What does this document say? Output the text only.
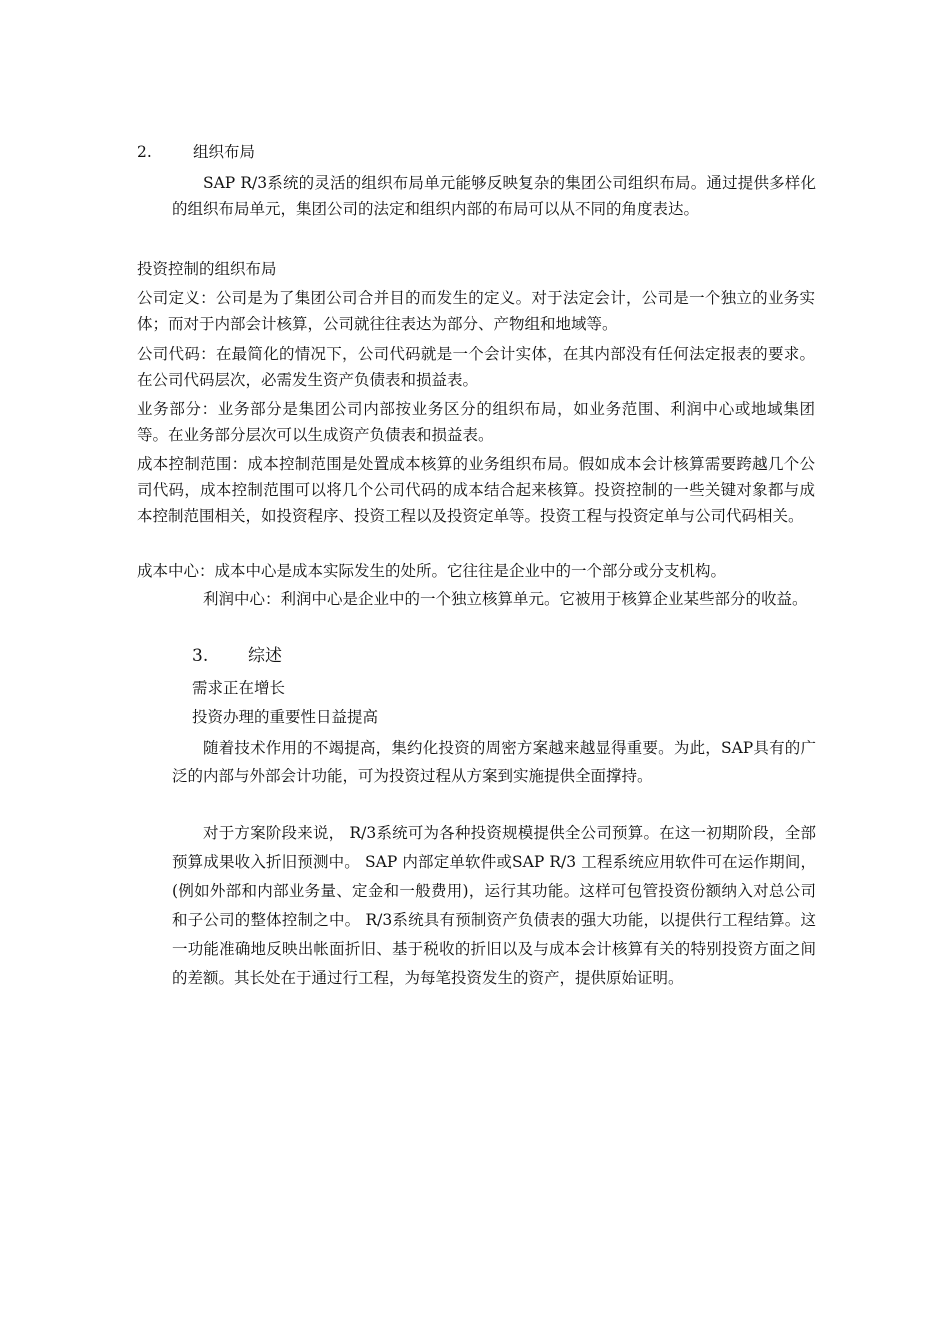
2.	组织布局

SAP R/3系统的灵活的组织布局单元能够反映复杂的集团公司组织布局。通过提供多样化的组织布局单元，集团公司的法定和组织内部的布局可以从不同的角度表达。

投资控制的组织布局

公司定义：公司是为了集团公司合并目的而发生的定义。对于法定会计，公司是一个独立的业务实体；而对于内部会计核算，公司就往往表达为部分、产物组和地域等。

公司代码：在最简化的情况下，公司代码就是一个会计实体，在其内部没有任何法定报表的要求。在公司代码层次，必需发生资产负债表和损益表。

业务部分：业务部分是集团公司内部按业务区分的组织布局，如业务范围、利润中心或地域集团等。在业务部分层次可以生成资产负债表和损益表。

成本控制范围：成本控制范围是处置成本核算的业务组织布局。假如成本会计核算需要跨越几个公司代码，成本控制范围可以将几个公司代码的成本结合起来核算。投资控制的一些关键对象都与成本控制范围相关，如投资程序、投资工程以及投资定单等。投资工程与投资定单与公司代码相关。

成本中心：成本中心是成本实际发生的处所。它往往是企业中的一个部分或分支机构。

利润中心：利润中心是企业中的一个独立核算单元。它被用于核算企业某些部分的收益。

3. 综述
需求正在增长
投资办理的重要性日益提高

随着技术作用的不竭提高，集约化投资的周密方案越来越显得重要。为此，SAP具有的广泛的内部与外部会计功能，可为投资过程从方案到实施提供全面撑持。

对于方案阶段来说， R/3系统可为各种投资规模提供全公司预算。在这一初期阶段，全部预算成果收入折旧预测中。 SAP 内部定单软件或SAP R/3 工程系统应用软件可在运作期间，(例如外部和内部业务量、定金和一般费用)，运行其功能。这样可包管投资份额纳入对总公司和子公司的整体控制之中。 R/3系统具有预制资产负债表的强大功能，以提供行工程结算。这一功能准确地反映出帐面折旧、基于税收的折旧以及与成本会计核算有关的特别投资方面之间的差额。其长处在于通过行工程，为每笔投资发生的资产，提供原始证明。
